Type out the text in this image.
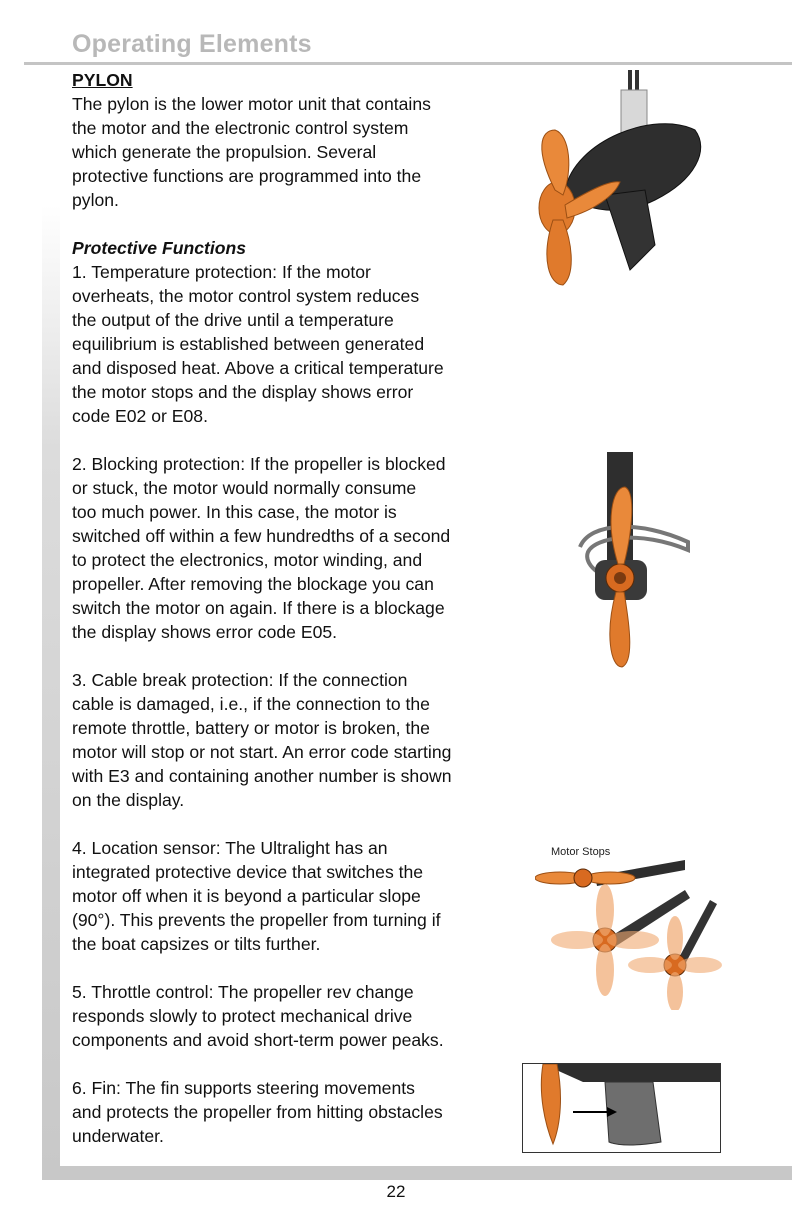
Operating Elements

PYLON

The pylon is the lower motor unit that contains
the motor and the electronic control system
which generate the propulsion. Several
protective functions are programmed into the
pylon.

Protective Functions

1. Temperature protection: If the motor
overheats, the motor control system reduces
the output of the drive until a temperature
equilibrium is established between generated
and disposed heat. Above a critical temperature
the motor stops and the display shows error
code E02 or E08.

2. Blocking protection: If the propeller is blocked
or stuck, the motor would normally consume
too much power. In this case, the motor is
switched off within a few hundredths of a second
to protect the electronics, motor winding, and
propeller. After removing the blockage you can
switch the motor on again. If there is a blockage
the display shows error code E05.

3. Cable break protection: If the connection
cable is damaged, i.e., if the connection to the
remote throttle, battery or motor is broken, the
motor will stop or not start. An error code starting
with E3 and containing another number is shown
on the display.

4. Location sensor: The Ultralight has an
integrated protective device that switches the
motor off when it is beyond a particular slope
(90°). This prevents the propeller from turning if
the boat capsizes or tilts further.

5. Throttle control: The propeller rev change
responds slowly to protect mechanical drive
components and avoid short-term power peaks.

6. Fin: The fin supports steering movements
and protects the propeller from hitting obstacles
underwater.

Motor Stops
22
